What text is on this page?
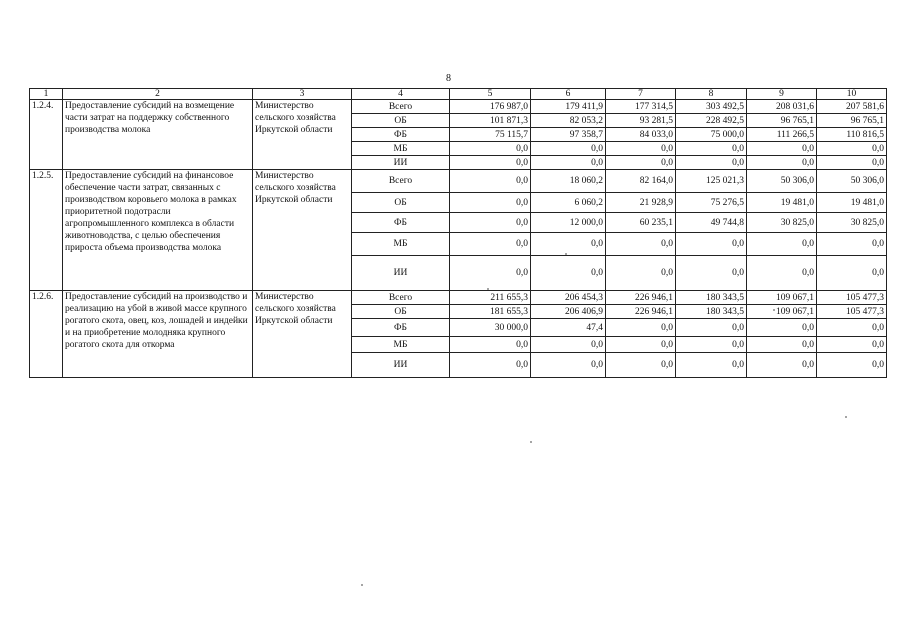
8
1	2	3	4	5	6	7	8	9	10
1.2.4.	Предоставление субсидий на возмещение части затрат на поддержку собственного производства молока	Министерство сельского хозяйства Иркутской области	Всего	176 987,0	179 411,9	177 314,5	303 492,5	208 031,6	207 581,6
			ОБ	101 871,3	82 053,2	93 281,5	228 492,5	96 765,1	96 765,1
			ФБ	75 115,7	97 358,7	84 033,0	75 000,0	111 266,5	110 816,5
			МБ	0,0	0,0	0,0	0,0	0,0	0,0
			ИИ	0,0	0,0	0,0	0,0	0,0	0,0
1.2.5.	Предоставление субсидий на финансовое обеспечение части затрат, связанных с производством коровьего молока в рамках приоритетной подотрасли агропромышленного комплекса в области животноводства, с целью обеспечения прироста объема производства молока	Министерство сельского хозяйства Иркутской области	Всего	0,0	18 060,2	82 164,0	125 021,3	50 306,0	50 306,0
			ОБ	0,0	6 060,2	21 928,9	75 276,5	19 481,0	19 481,0
			ФБ	0,0	12 000,0	60 235,1	49 744,8	30 825,0	30 825,0
			МБ	0,0	0,0	0,0	0,0	0,0	0,0
			ИИ	0,0	0,0	0,0	0,0	0,0	0,0
1.2.6.	Предоставление субсидий на производство и реализацию на убой в живой массе крупного рогатого скота, овец, коз, лошадей и индейки и на приобретение молодняка крупного рогатого скота для откорма	Министерство сельского хозяйства Иркутской области	Всего	211 655,3	206 454,3	226 946,1	180 343,5	109 067,1	105 477,3
			ОБ	181 655,3	206 406,9	226 946,1	180 343,5	109 067,1	105 477,3
			ФБ	30 000,0	47,4	0,0	0,0	0,0	0,0
			МБ	0,0	0,0	0,0	0,0	0,0	0,0
			ИИ	0,0	0,0	0,0	0,0	0,0	0,0
